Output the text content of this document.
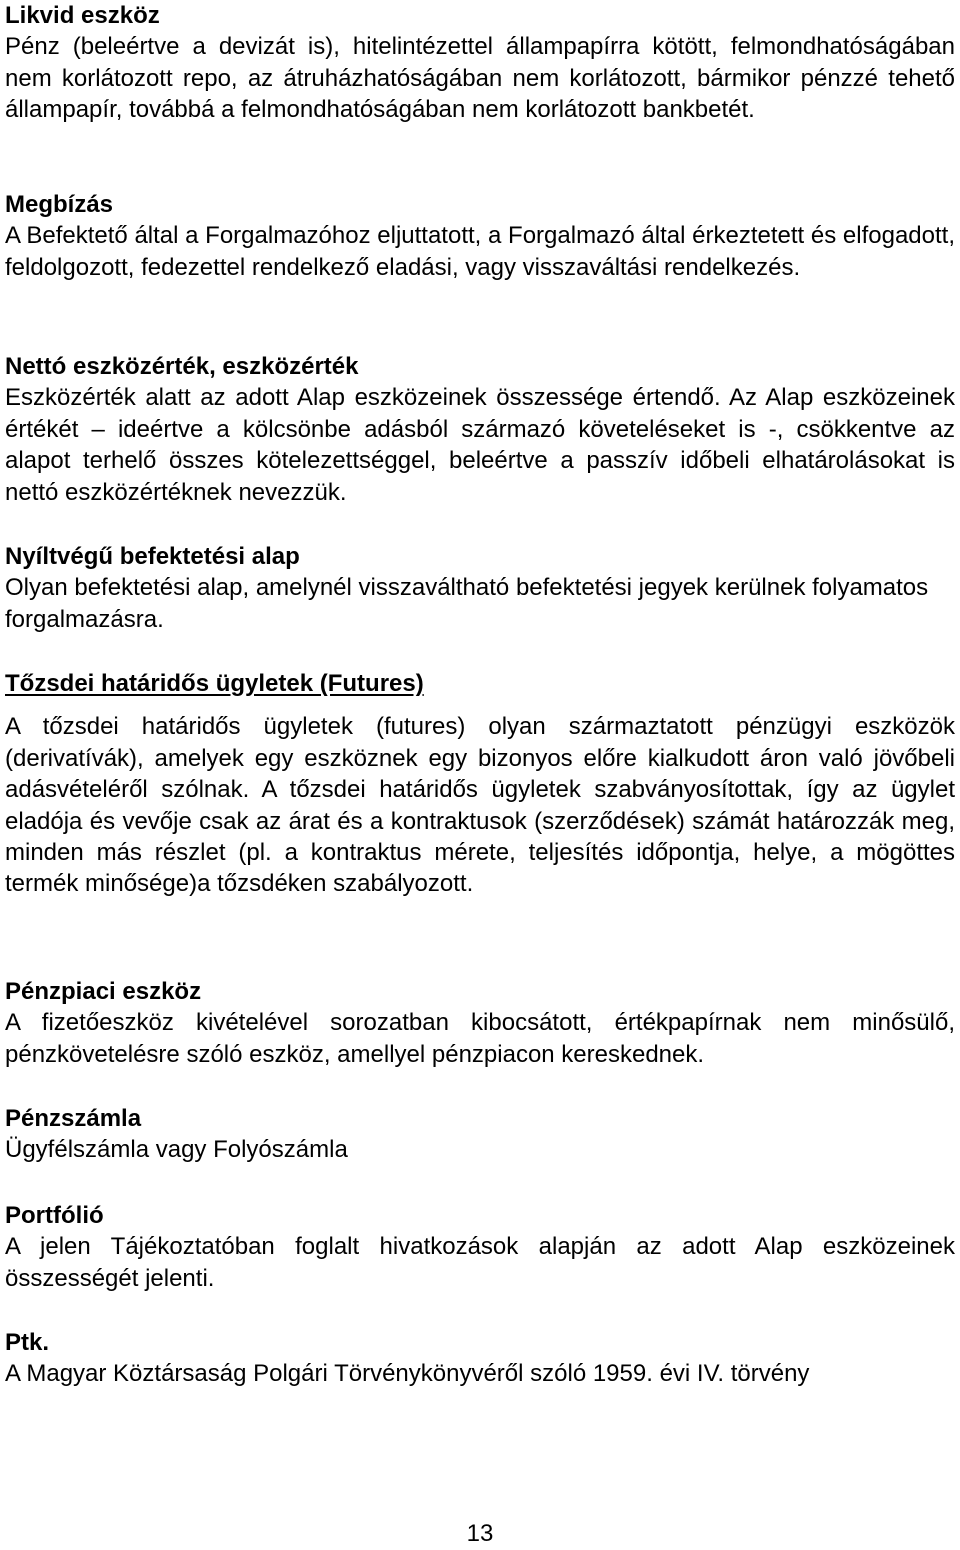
Likvid eszköz
Pénz (beleértve a devizát is), hitelintézettel állampapírra kötött, felmondhatóságában nem korlátozott repo, az átruházhatóságában nem korlátozott, bármikor pénzzé tehető állampapír, továbbá a felmondhatóságában nem korlátozott bankbetét.
Megbízás
A Befektető által a Forgalmazóhoz eljuttatott, a Forgalmazó által érkeztetett és elfogadott, feldolgozott, fedezettel rendelkező eladási, vagy visszaváltási rendelkezés.
Nettó eszközérték, eszközérték
Eszközérték alatt az adott Alap eszközeinek összessége értendő. Az Alap eszközeinek értékét – ideértve a kölcsönbe adásból származó követeléseket is -, csökkentve az alapot terhelő összes kötelezettséggel, beleértve a passzív időbeli elhatárolásokat is nettó eszközértéknek nevezzük.
Nyíltvégű befektetési alap
Olyan befektetési alap, amelynél visszaváltható befektetési jegyek kerülnek folyamatos forgalmazásra.
Tőzsdei határidős ügyletek (Futures)
A tőzsdei határidős ügyletek (futures) olyan származtatott pénzügyi eszközök (derivatívák), amelyek egy eszköznek egy bizonyos előre kialkudott áron való jövőbeli adásvételéről szólnak. A tőzsdei határidős ügyletek szabványosítottak, így az ügylet eladója és vevője csak az árat és a kontraktusok (szerződések) számát határozzák meg, minden más részlet (pl. a kontraktus mérete, teljesítés időpontja, helye, a mögöttes termék minősége)a tőzsdéken szabályozott.
Pénzpiaci eszköz
A fizetőeszköz kivételével sorozatban kibocsátott, értékpapírnak nem minősülő, pénzkövetelésre szóló eszköz, amellyel pénzpiacon kereskednek.
Pénzszámla
Ügyfélszámla vagy Folyószámla
Portfólió
A jelen Tájékoztatóban foglalt hivatkozások alapján az adott Alap eszközeinek összességét jelenti.
Ptk.
A Magyar Köztársaság Polgári Törvénykönyvéről szóló 1959. évi IV. törvény
13
